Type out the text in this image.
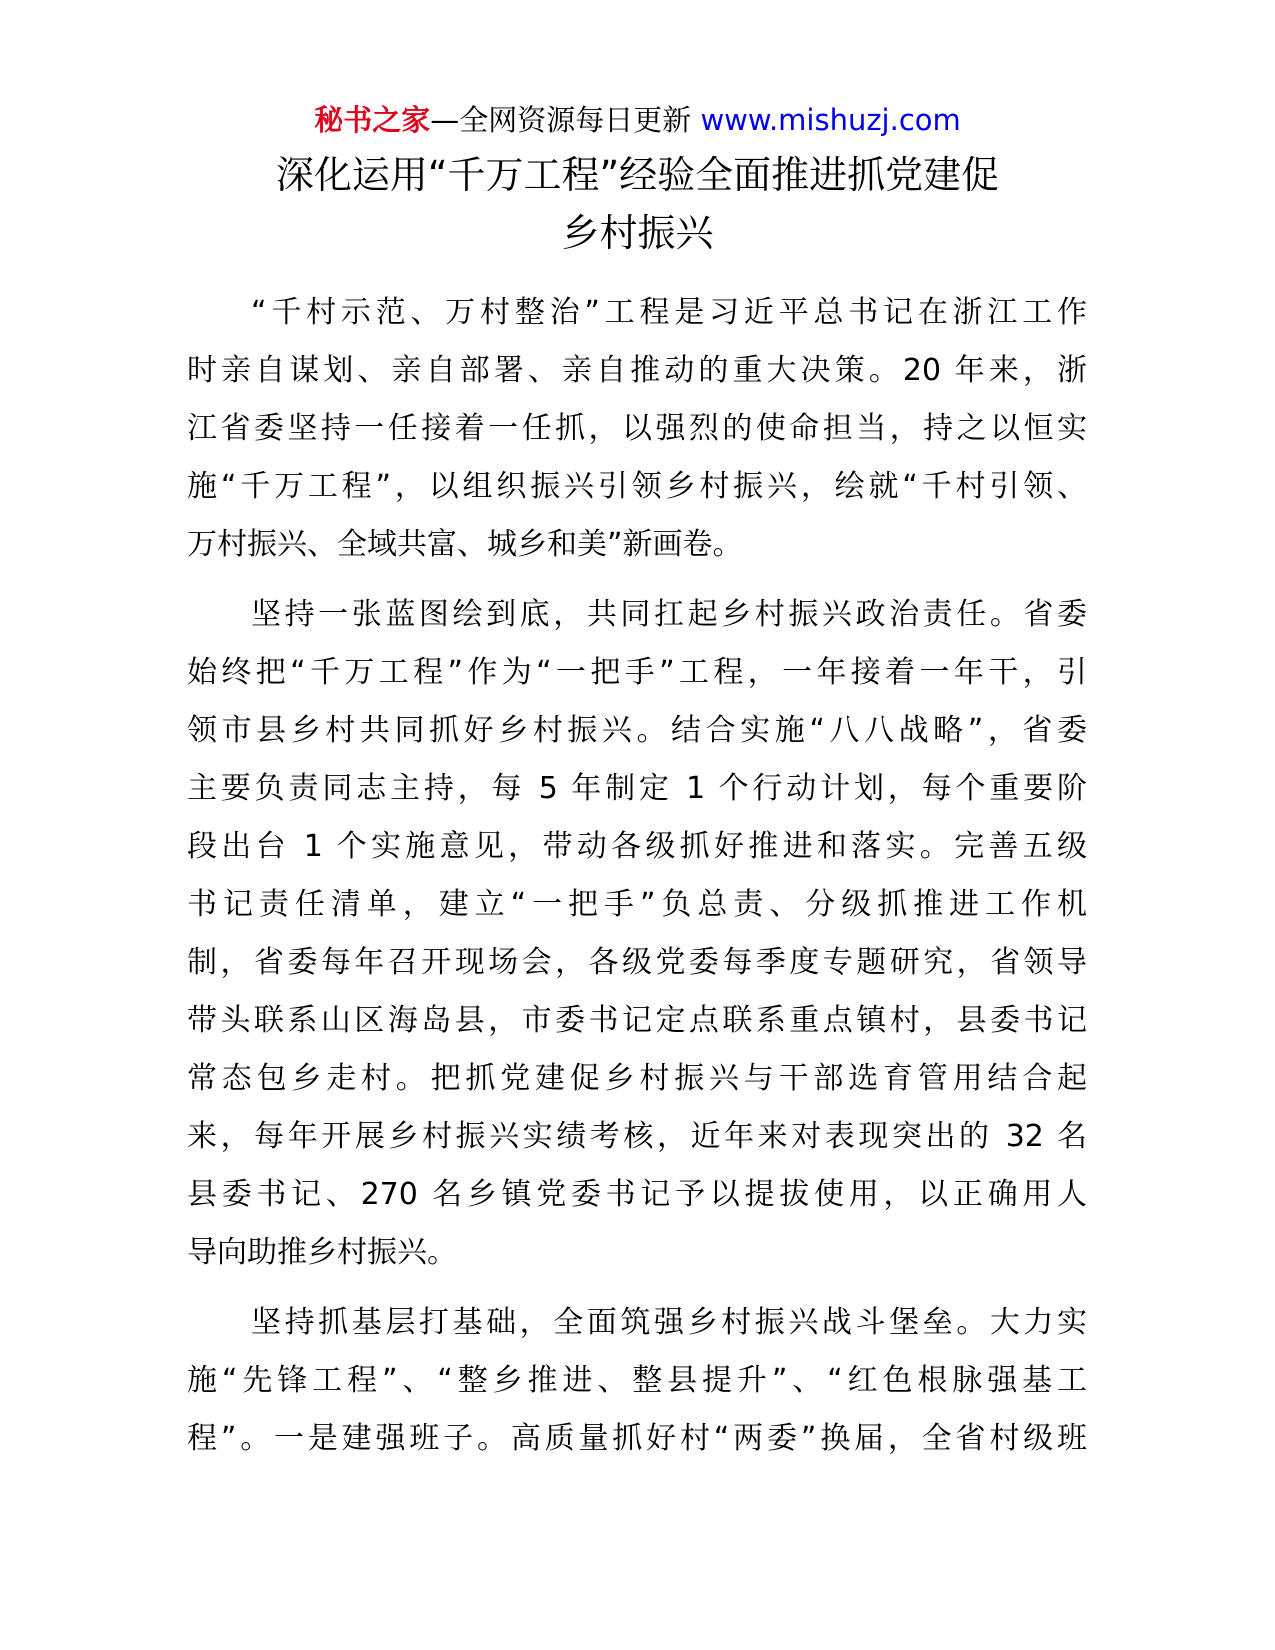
秘书之家—全网资源每日更新 www.mishuzj.com
深化运用“千万工程”经验全面推进抓党建促
乡村振兴

“千村示范、万村整治”工程是习近平总书记在浙江工作
时亲自谋划、亲自部署、亲自推动的重大决策。20 年来，浙
江省委坚持一任接着一任抓，以强烈的使命担当，持之以恒实
施“千万工程”，以组织振兴引领乡村振兴，绘就“千村引领、
万村振兴、全域共富、城乡和美”新画卷。

坚持一张蓝图绘到底，共同扛起乡村振兴政治责任。省委
始终把“千万工程”作为“一把手”工程，一年接着一年干，引
领市县乡村共同抓好乡村振兴。结合实施“八八战略”，省委
主要负责同志主持，每 5 年制定 1 个行动计划，每个重要阶
段出台 1 个实施意见，带动各级抓好推进和落实。完善五级
书记责任清单，建立“一把手”负总责、分级抓推进工作机
制，省委每年召开现场会，各级党委每季度专题研究，省领导
带头联系山区海岛县，市委书记定点联系重点镇村，县委书记
常态包乡走村。把抓党建促乡村振兴与干部选育管用结合起
来，每年开展乡村振兴实绩考核，近年来对表现突出的 32 名
县委书记、270 名乡镇党委书记予以提拔使用，以正确用人
导向助推乡村振兴。

坚持抓基层打基础，全面筑强乡村振兴战斗堡垒。大力实
施“先锋工程”、“整乡推进、整县提升”、“红色根脉强基工
程”。一是建强班子。高质量抓好村“两委”换届，全省村级班
